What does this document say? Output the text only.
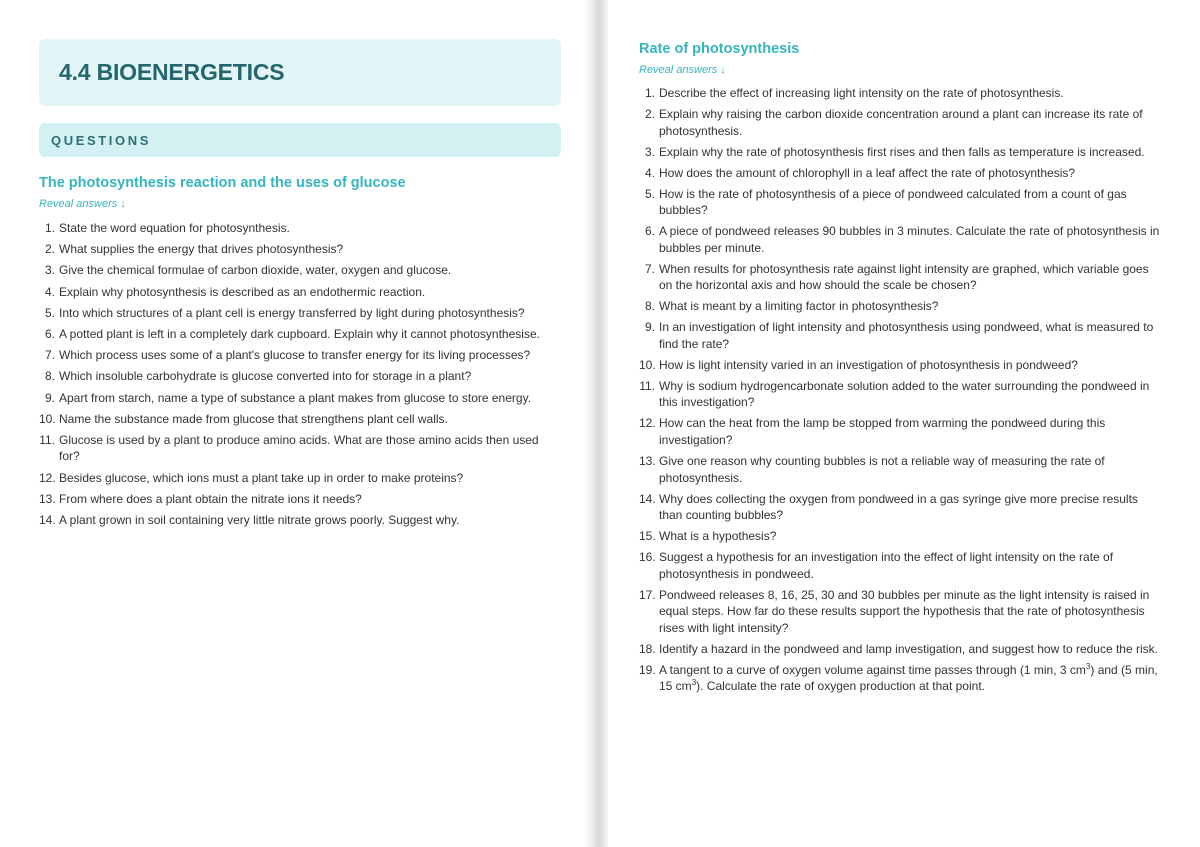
4.4 BIOENERGETICS
QUESTIONS
The photosynthesis reaction and the uses of glucose
Reveal answers ↓
1. State the word equation for photosynthesis.
2. What supplies the energy that drives photosynthesis?
3. Give the chemical formulae of carbon dioxide, water, oxygen and glucose.
4. Explain why photosynthesis is described as an endothermic reaction.
5. Into which structures of a plant cell is energy transferred by light during photosynthesis?
6. A potted plant is left in a completely dark cupboard. Explain why it cannot photosynthesise.
7. Which process uses some of a plant's glucose to transfer energy for its living processes?
8. Which insoluble carbohydrate is glucose converted into for storage in a plant?
9. Apart from starch, name a type of substance a plant makes from glucose to store energy.
10. Name the substance made from glucose that strengthens plant cell walls.
11. Glucose is used by a plant to produce amino acids. What are those amino acids then used for?
12. Besides glucose, which ions must a plant take up in order to make proteins?
13. From where does a plant obtain the nitrate ions it needs?
14. A plant grown in soil containing very little nitrate grows poorly. Suggest why.
Rate of photosynthesis
Reveal answers ↓
1. Describe the effect of increasing light intensity on the rate of photosynthesis.
2. Explain why raising the carbon dioxide concentration around a plant can increase its rate of photosynthesis.
3. Explain why the rate of photosynthesis first rises and then falls as temperature is increased.
4. How does the amount of chlorophyll in a leaf affect the rate of photosynthesis?
5. How is the rate of photosynthesis of a piece of pondweed calculated from a count of gas bubbles?
6. A piece of pondweed releases 90 bubbles in 3 minutes. Calculate the rate of photosynthesis in bubbles per minute.
7. When results for photosynthesis rate against light intensity are graphed, which variable goes on the horizontal axis and how should the scale be chosen?
8. What is meant by a limiting factor in photosynthesis?
9. In an investigation of light intensity and photosynthesis using pondweed, what is measured to find the rate?
10. How is light intensity varied in an investigation of photosynthesis in pondweed?
11. Why is sodium hydrogencarbonate solution added to the water surrounding the pondweed in this investigation?
12. How can the heat from the lamp be stopped from warming the pondweed during this investigation?
13. Give one reason why counting bubbles is not a reliable way of measuring the rate of photosynthesis.
14. Why does collecting the oxygen from pondweed in a gas syringe give more precise results than counting bubbles?
15. What is a hypothesis?
16. Suggest a hypothesis for an investigation into the effect of light intensity on the rate of photosynthesis in pondweed.
17. Pondweed releases 8, 16, 25, 30 and 30 bubbles per minute as the light intensity is raised in equal steps. How far do these results support the hypothesis that the rate of photosynthesis rises with light intensity?
18. Identify a hazard in the pondweed and lamp investigation, and suggest how to reduce the risk.
19. A tangent to a curve of oxygen volume against time passes through (1 min, 3 $cm^3$) and (5 min, 15 $cm^3$). Calculate the rate of oxygen production at that point.
